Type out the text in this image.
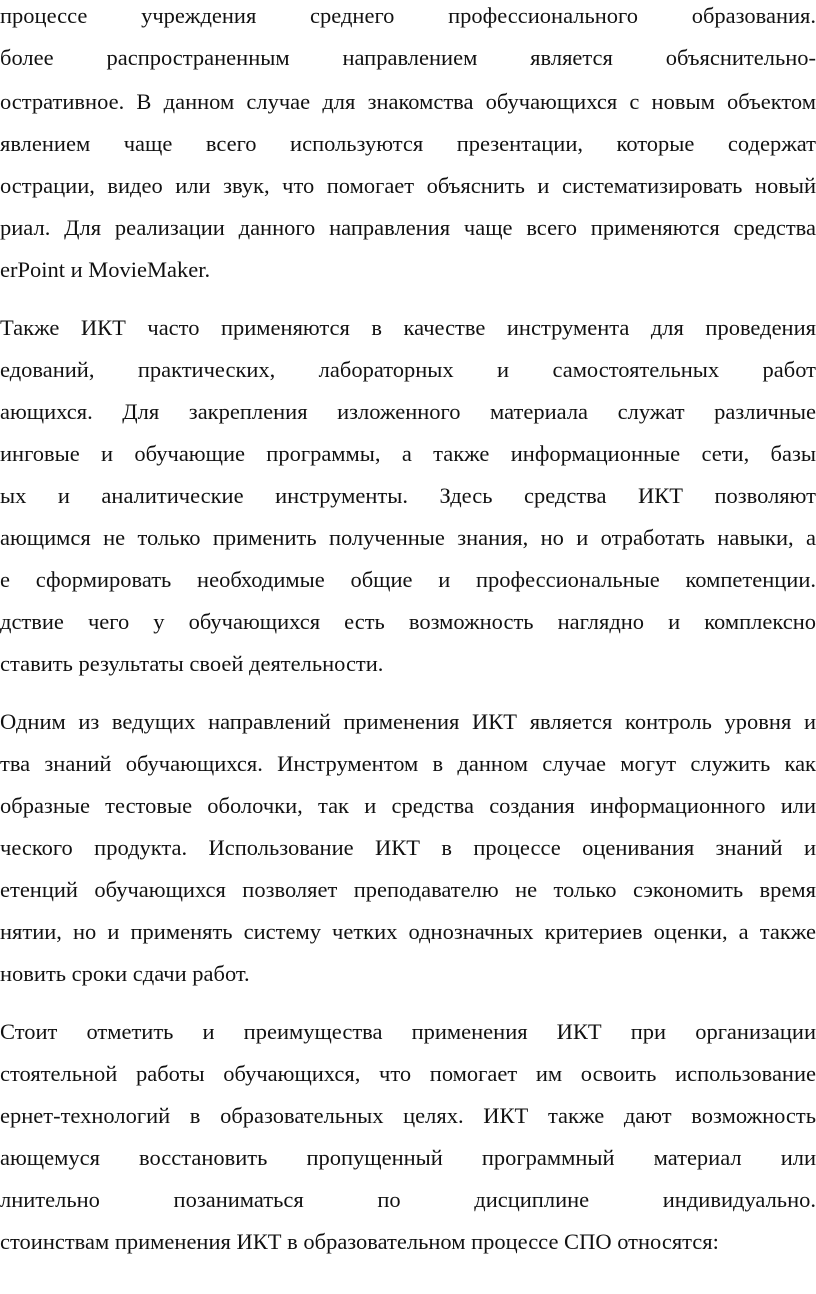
процессе учреждения среднего профессионального образования.

более распространенным направлением является объяснительно-

остративное. В данном случае для знакомства обучающихся с новым объектом

явлением чаще всего используются презентации, которые содержат

острации, видео или звук, что помогает объяснить и систематизировать новый

риал. Для реализации данного направления чаще всего применяются средства

erPoint и MovieMaker.

Также ИКТ часто применяются в качестве инструмента для проведения

едований, практических, лабораторных и самостоятельных работ

ающихся. Для закрепления изложенного материала служат различные

инговые и обучающие программы, а также информационные сети, базы

ых и аналитические инструменты. Здесь средства ИКТ позволяют

ающимся не только применить полученные знания, но и отработать навыки, а

е сформировать необходимые общие и профессиональные компетенции.

дствие чего у обучающихся есть возможность наглядно и комплексно

ставить результаты своей деятельности.

Одним из ведущих направлений применения ИКТ является контроль уровня и

тва знаний обучающихся. Инструментом в данном случае могут служить как

образные тестовые оболочки, так и средства создания информационного или

ческого продукта. Использование ИКТ в процессе оценивания знаний и

етенций обучающихся позволяет преподавателю не только сэкономить время

нятии, но и применять систему четких однозначных критериев оценки, а также

новить сроки сдачи работ.

Стоит отметить и преимущества применения ИКТ при организации

стоятельной работы обучающихся, что помогает им освоить использование

ернет-технологий в образовательных целях. ИКТ также дают возможность

ающемуся восстановить пропущенный программный материал или

лнительно позаниматься по дисциплине индивидуально.

стоинствам применения ИКТ в образовательном процессе СПО относятся:
